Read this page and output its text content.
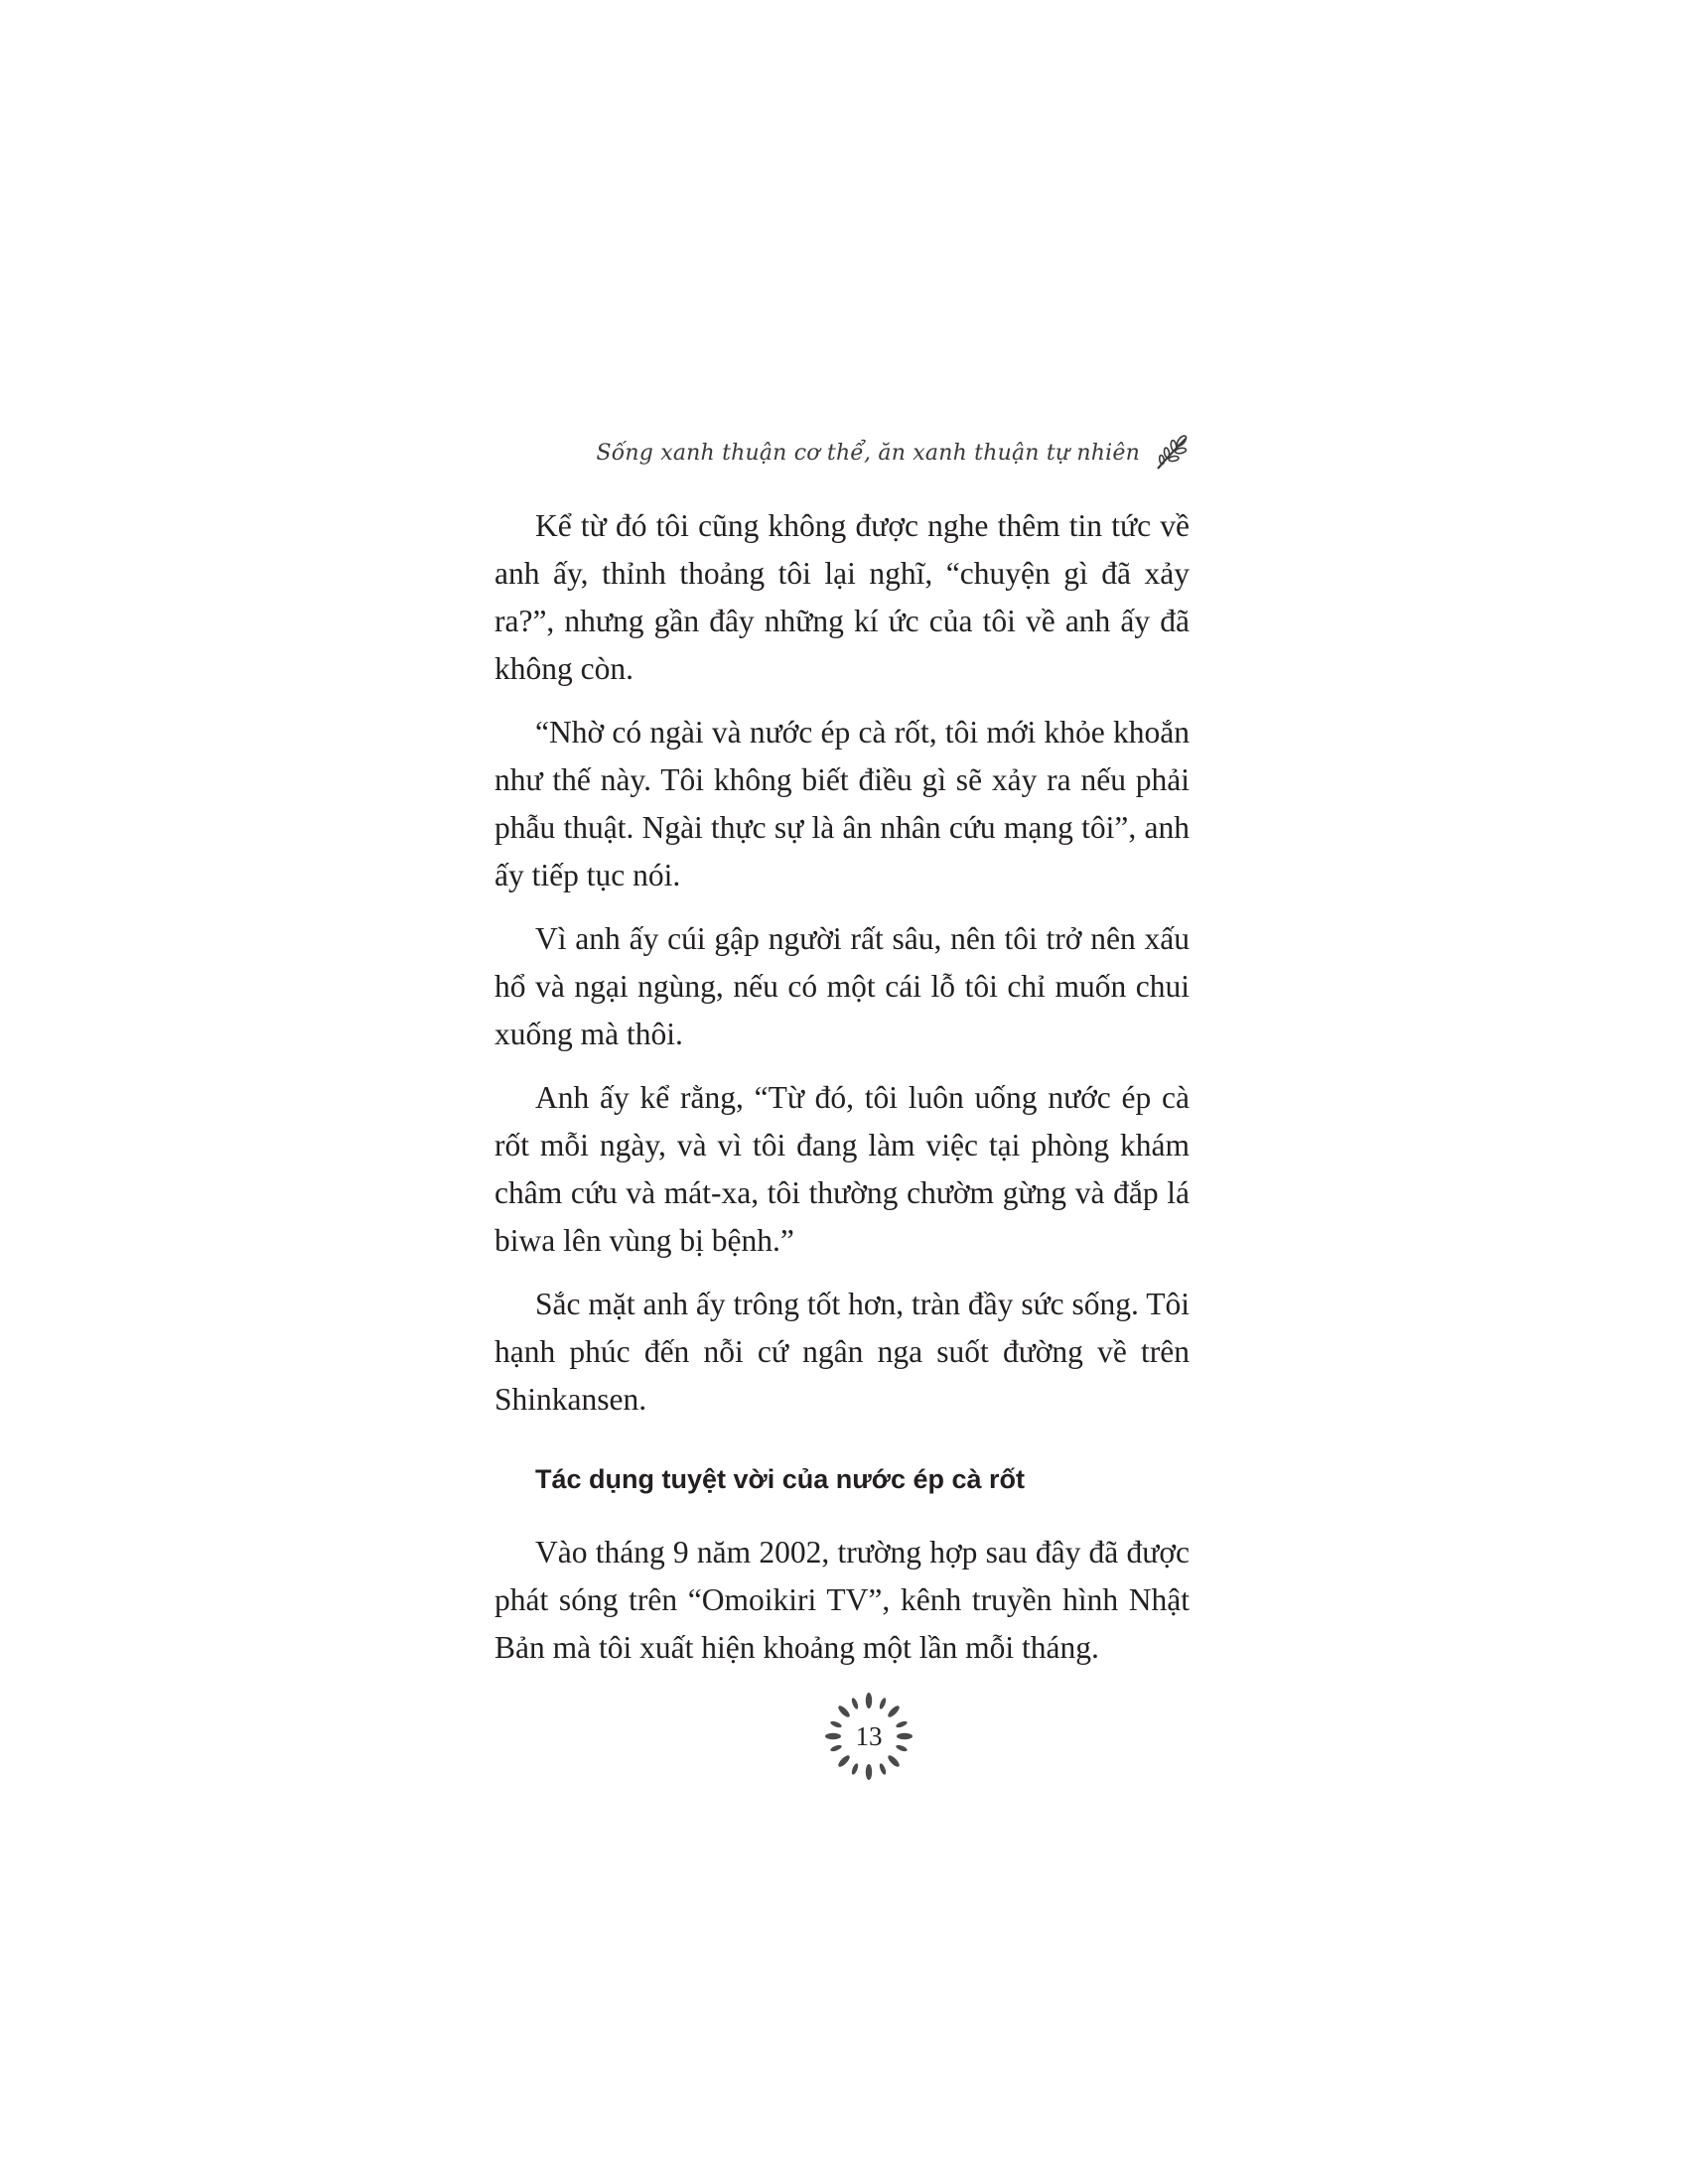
Sống xanh thuận cơ thể, ăn xanh thuận tự nhiên

Kể từ đó tôi cũng không được nghe thêm tin tức về anh ấy, thỉnh thoảng tôi lại nghĩ, “chuyện gì đã xảy ra?”, nhưng gần đây những kí ức của tôi về anh ấy đã không còn.

“Nhờ có ngài và nước ép cà rốt, tôi mới khỏe khoắn như thế này. Tôi không biết điều gì sẽ xảy ra nếu phải phẫu thuật. Ngài thực sự là ân nhân cứu mạng tôi”, anh ấy tiếp tục nói.

Vì anh ấy cúi gập người rất sâu, nên tôi trở nên xấu hổ và ngại ngùng, nếu có một cái lỗ tôi chỉ muốn chui xuống mà thôi.

Anh ấy kể rằng, “Từ đó, tôi luôn uống nước ép cà rốt mỗi ngày, và vì tôi đang làm việc tại phòng khám châm cứu và mát-xa, tôi thường chườm gừng và đắp lá biwa lên vùng bị bệnh.”

Sắc mặt anh ấy trông tốt hơn, tràn đầy sức sống. Tôi hạnh phúc đến nỗi cứ ngân nga suốt đường về trên Shinkansen.

Tác dụng tuyệt vời của nước ép cà rốt

Vào tháng 9 năm 2002, trường hợp sau đây đã được phát sóng trên “Omoikiri TV”, kênh truyền hình Nhật Bản mà tôi xuất hiện khoảng một lần mỗi tháng.

13
